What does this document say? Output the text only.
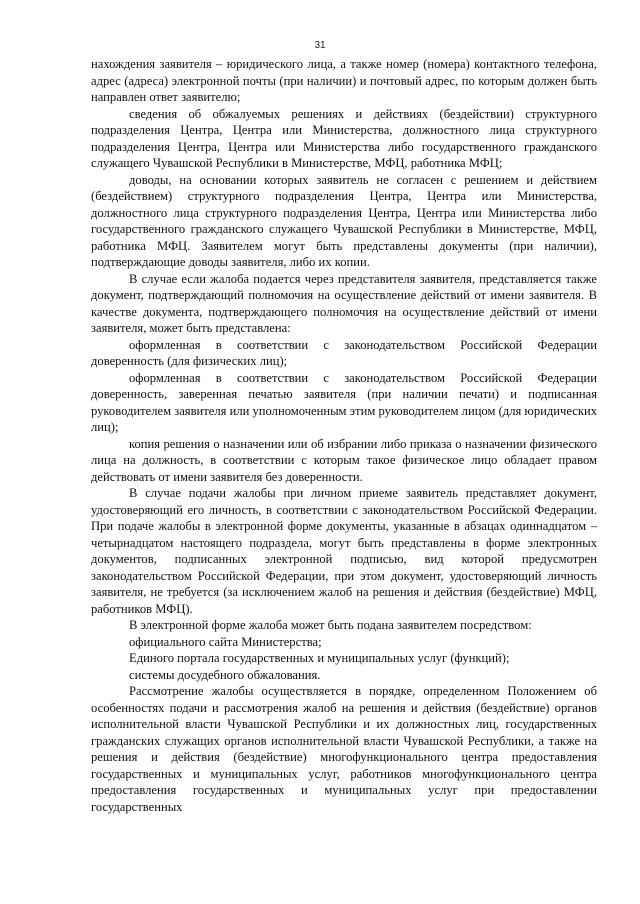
31

нахождения заявителя – юридического лица, а также номер (номера) контактного телефона, адрес (адреса) электронной почты (при наличии) и почтовый адрес, по которым должен быть направлен ответ заявителю;

сведения об обжалуемых решениях и действиях (бездействии) структурного подразделения Центра, Центра или Министерства, должностного лица структурного подразделения Центра, Центра или Министерства либо государственного гражданского служащего Чувашской Республики в Министерстве, МФЦ, работника МФЦ;

доводы, на основании которых заявитель не согласен с решением и действием (бездействием) структурного подразделения Центра, Центра или Министерства, должностного лица структурного подразделения Центра, Центра или Министерства либо государственного гражданского служащего Чувашской Республики в Министерстве, МФЦ, работника МФЦ. Заявителем могут быть представлены документы (при наличии), подтверждающие доводы заявителя, либо их копии.

В случае если жалоба подается через представителя заявителя, представляется также документ, подтверждающий полномочия на осуществление действий от имени заявителя. В качестве документа, подтверждающего полномочия на осуществление действий от имени заявителя, может быть представлена:

оформленная в соответствии с законодательством Российской Федерации доверенность (для физических лиц);

оформленная в соответствии с законодательством Российской Федерации доверенность, заверенная печатью заявителя (при наличии печати) и подписанная руководителем заявителя или уполномоченным этим руководителем лицом (для юридических лиц);

копия решения о назначении или об избрании либо приказа о назначении физического лица на должность, в соответствии с которым такое физическое лицо обладает правом действовать от имени заявителя без доверенности.

В случае подачи жалобы при личном приеме заявитель представляет документ, удостоверяющий его личность, в соответствии с законодательством Российской Федерации. При подаче жалобы в электронной форме документы, указанные в абзацах одиннадцатом – четырнадцатом настоящего подраздела, могут быть представлены в форме электронных документов, подписанных электронной подписью, вид которой предусмотрен законодательством Российской Федерации, при этом документ, удостоверяющий личность заявителя, не требуется (за исключением жалоб на решения и действия (бездействие) МФЦ, работников МФЦ).

В электронной форме жалоба может быть подана заявителем посредством:

официального сайта Министерства;

Единого портала государственных и муниципальных услуг (функций);

системы досудебного обжалования.

Рассмотрение жалобы осуществляется в порядке, определенном Положением об особенностях подачи и рассмотрения жалоб на решения и действия (бездействие) органов исполнительной власти Чувашской Республики и их должностных лиц, государственных гражданских служащих органов исполнительной власти Чувашской Республики, а также на решения и действия (бездействие) многофункционального центра предоставления государственных и муниципальных услуг, работников многофункционального центра предоставления государственных и муниципальных услуг при предоставлении государственных
